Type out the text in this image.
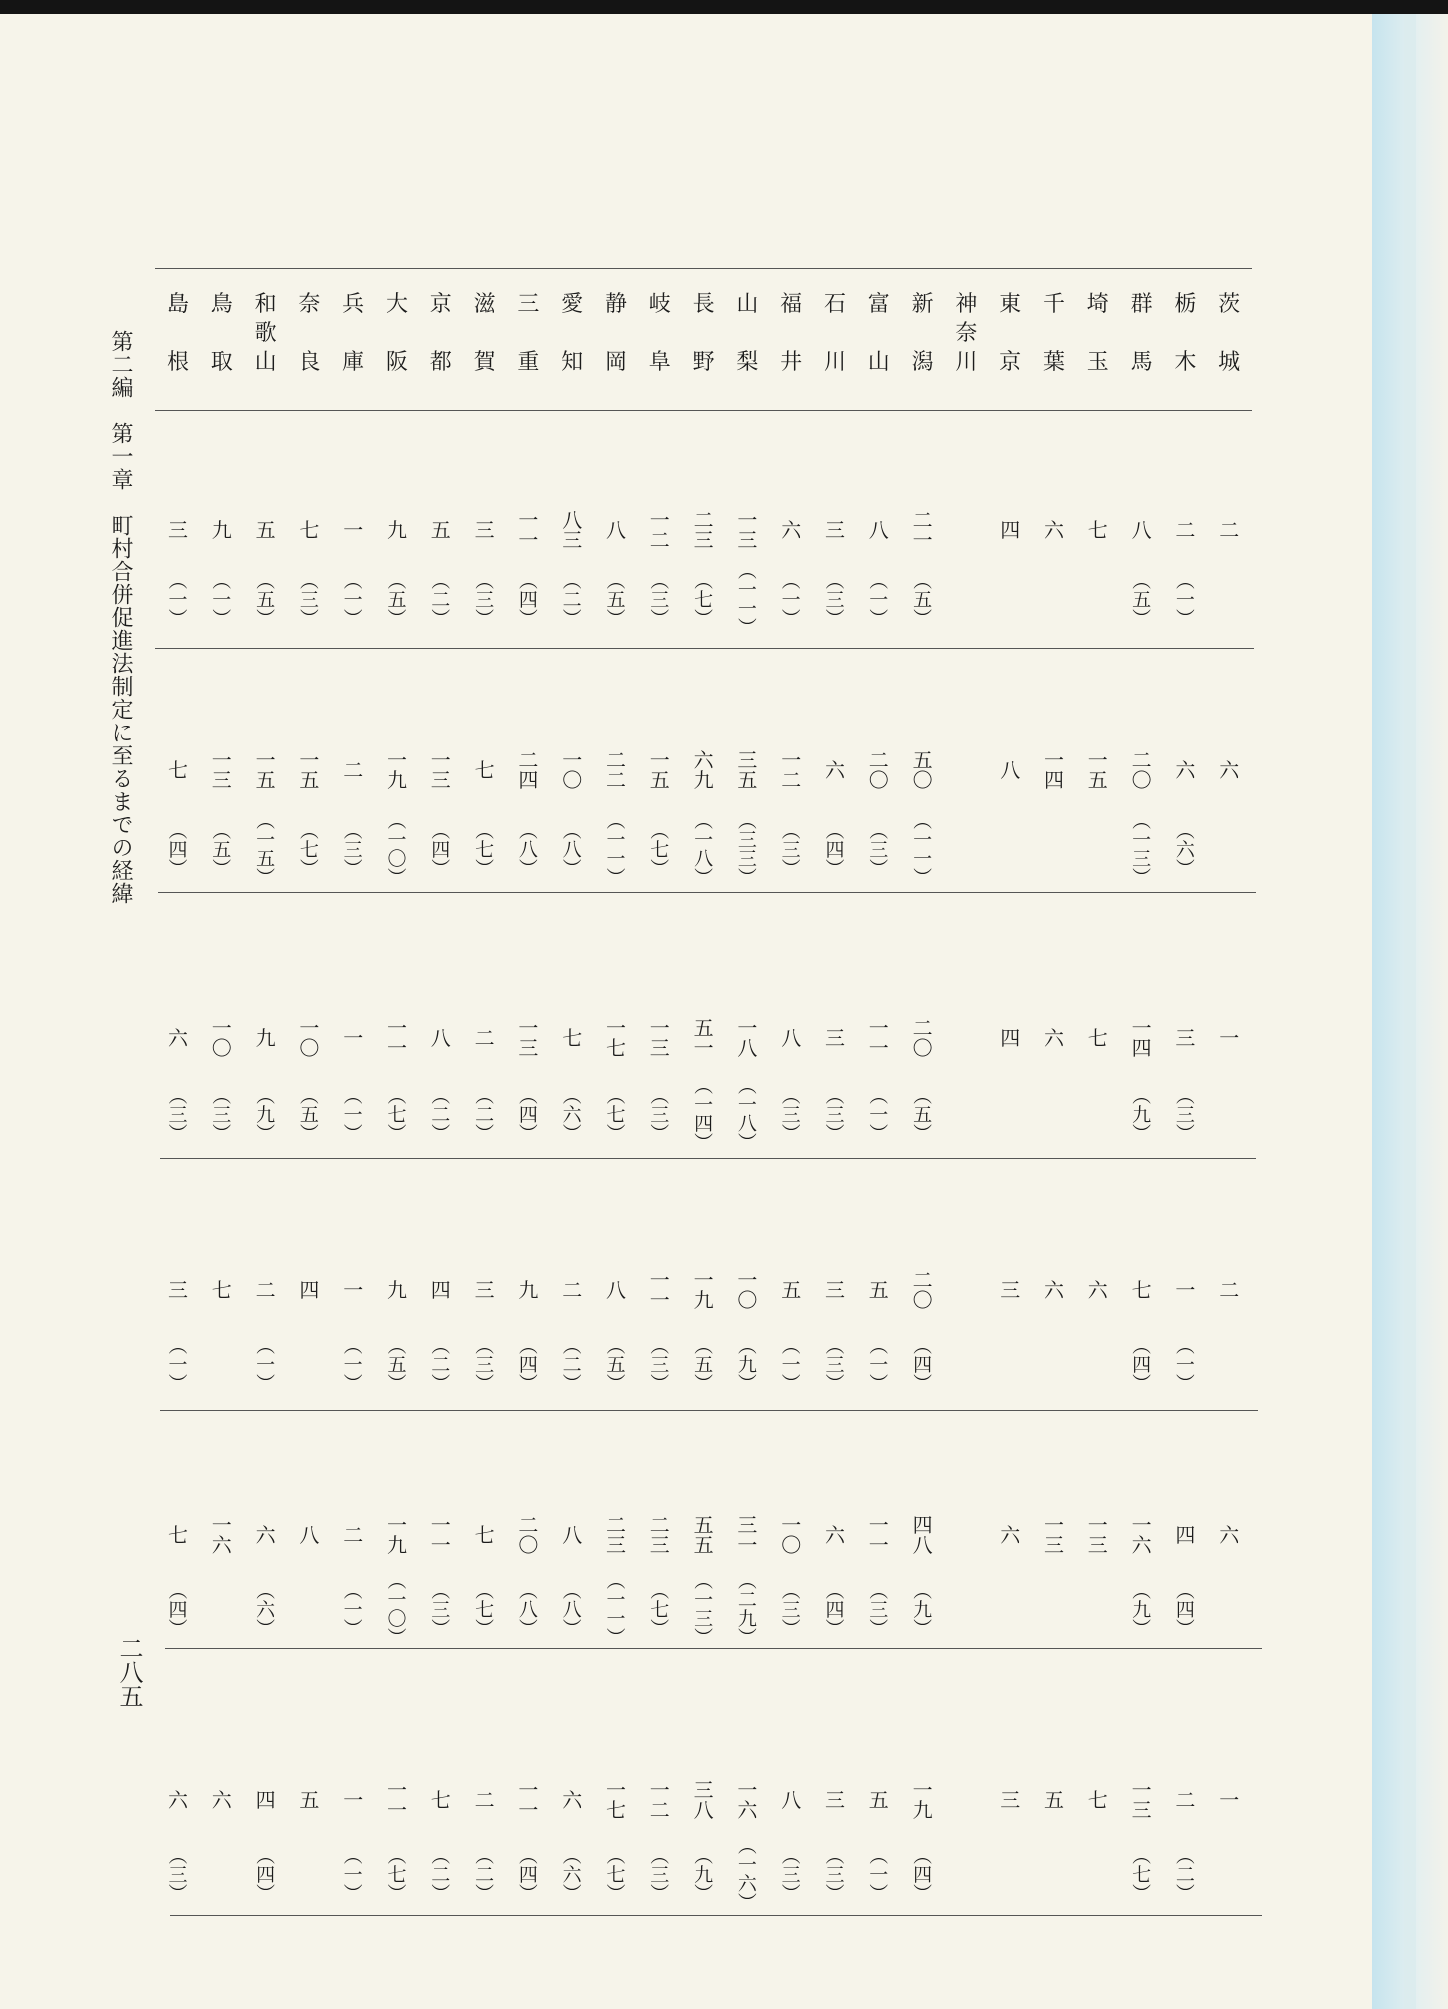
第二編　第一章　町村合併促進法制定に至るまでの経緯
二八五
島

根
三
七
六
三
七
六
︵
一
︶
︵
四
︶
︵
三
︶
︵
一
︶
︵
四
︶
︵
三
︶
鳥

取
九
一
三
一
〇
七
一
六
六
︵
一
︶
︵
五
︶
︵
三
︶
和
歌
山
五
一
五
九
二
六
四
︵
五
︶
︵
一
五
︶
︵
九
︶
︵
一
︶
︵
六
︶
︵
四
︶
奈

良
七
一
五
一
〇
四
八
五
︵
三
︶
︵
七
︶
︵
五
︶
兵

庫
一
二
一
一
二
一
︵
一
︶
︵
三
︶
︵
一
︶
︵
一
︶
︵
一
︶
︵
一
︶
大

阪
九
一
九
一
一
九
一
九
一
一
︵
五
︶
︵
一
〇
︶
︵
七
︶
︵
五
︶
︵
一
〇
︶
︵
七
︶
京

都
五
一
三
八
四
一
一
七
︵
二
︶
︵
四
︶
︵
二
︶
︵
二
︶
︵
三
︶
︵
二
︶
滋

賀
三
七
二
三
七
二
︵
三
︶
︵
七
︶
︵
二
︶
︵
三
︶
︵
七
︶
︵
二
︶
三

重
一
一
二
四
一
三
九
二
〇
一
一
︵
四
︶
︵
八
︶
︵
四
︶
︵
四
︶
︵
八
︶
︵
四
︶
愛

知
八
三
一
〇
七
二
八
六
︵
二
︶
︵
八
︶
︵
六
︶
︵
二
︶
︵
八
︶
︵
六
︶
静

岡
八
二
二
一
七
八
二
三
一
七
︵
五
︶
︵
一
一
︶
︵
七
︶
︵
五
︶
︵
一
一
︶
︵
七
︶
岐

阜
一
二
一
五
一
三
一
一
二
三
一
二
︵
三
︶
︵
七
︶
︵
三
︶
︵
三
︶
︵
七
︶
︵
三
︶
長

野
二
三
六
九
五
一
一
九
五
五
三
八
︵
七
︶
︵
一
八
︶
︵
一
四
︶
︵
五
︶
︵
一
三
︶
︵
九
︶
山

梨
一
三
三
五
一
八
一
〇
三
一
一
六
︵
一
一
︶
︵
三
三
︶
︵
一
八
︶
︵
九
︶
︵
二
九
︶
︵
一
六
︶
福

井
六
一
二
八
五
一
〇
八
︵
一
︶
︵
三
︶
︵
三
︶
︵
一
︶
︵
三
︶
︵
三
︶
石

川
三
六
三
三
六
三
︵
三
︶
︵
四
︶
︵
三
︶
︵
三
︶
︵
四
︶
︵
三
︶
富

山
八
二
〇
一
一
五
一
一
五
︵
一
︶
︵
三
︶
︵
一
︶
︵
一
︶
︵
三
︶
︵
一
︶
新

潟
二
一
五
〇
二
〇
二
〇
四
八
一
九
︵
五
︶
︵
一
一
︶
︵
五
︶
︵
四
︶
︵
九
︶
︵
四
︶
神
奈
川
東

京
四
八
四
三
六
三
千

葉
六
一
四
六
六
一
三
五
埼

玉
七
一
五
七
六
一
三
七
群

馬
八
二
〇
一
四
七
一
六
一
三
︵
五
︶
︵
一
三
︶
︵
九
︶
︵
四
︶
︵
九
︶
︵
七
︶
栃

木
二
六
三
一
四
二
︵
一
︶
︵
六
︶
︵
三
︶
︵
一
︶
︵
四
︶
︵
二
︶
茨

城
二
六
一
二
六
一
